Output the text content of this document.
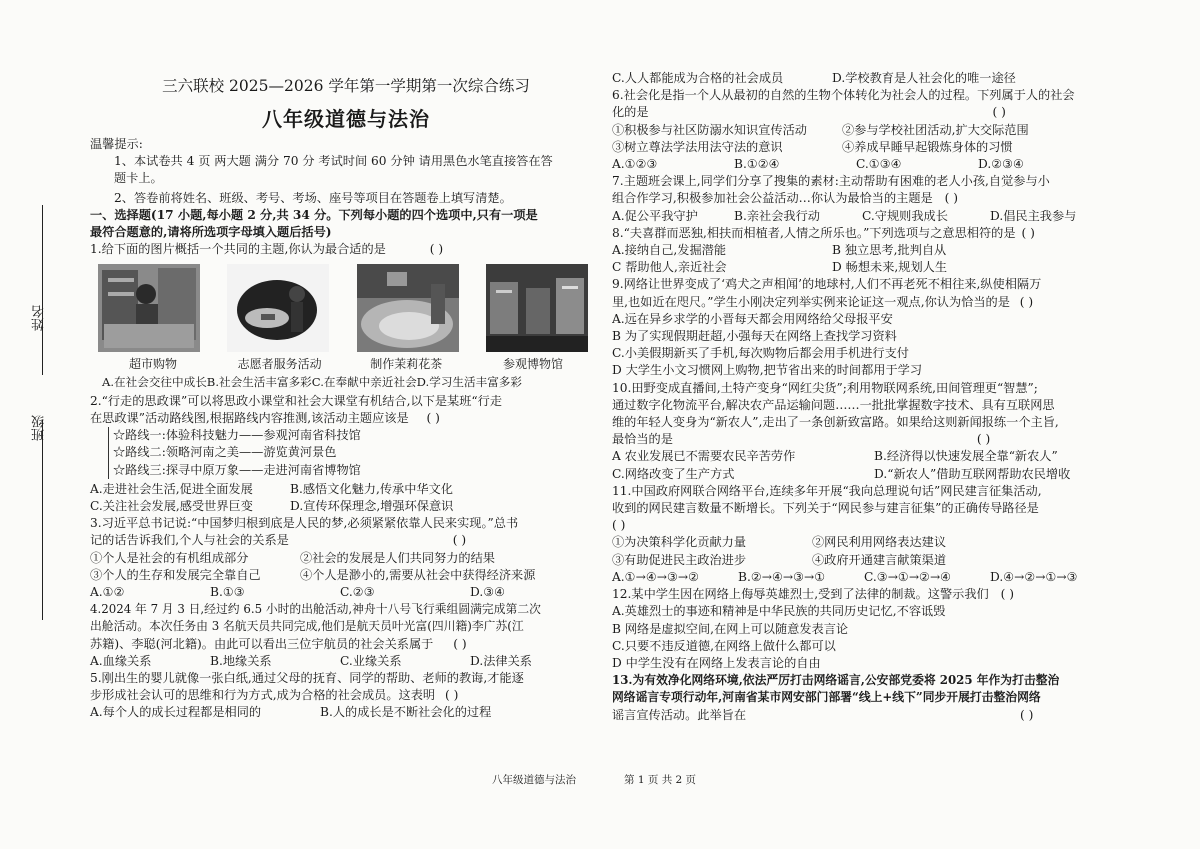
姓名
班级
三六联校 2025—2026 学年第一学期第一次综合练习
八年级道德与法治
温馨提示:
1、本试卷共 4 页 两大题 满分 70 分 考试时间 60 分钟 请用黑色水笔直接答在答
题卡上。
2、答卷前将姓名、班级、考号、考场、座号等项目在答题卷上填写清楚。
一、选择题(17 小题,每小题 2 分,共 34 分。下列每小题的四个选项中,只有一项是
最符合题意的,请将所选项字母填入题后括号)
1.给下面的图片概括一个共同的主题,你认为最合适的是	( )
超市购物	志愿者服务活动	制作茉莉花茶	参观博物馆
A.在社会交往中成长B.社会生活丰富多彩C.在奉献中亲近社会D.学习生活丰富多彩
2.“行走的思政课”可以将思政小课堂和社会大课堂有机结合,以下是某班“行走
在思政课”活动路线图,根据路线内容推测,该活动主题应该是 ( )
☆路线一:体验科技魅力——参观河南省科技馆
☆路线二:领略河南之美——游览黄河景色
☆路线三:探寻中原万象——走进河南省博物馆
A.走进社会生活,促进全面发展	B.感悟文化魅力,传承中华文化
C.关注社会发展,感受世界巨变	D.宣传环保理念,增强环保意识
3.习近平总书记说:“中国梦归根到底是人民的梦,必须紧紧依靠人民来实现。”总书
记的话告诉我们,个人与社会的关系是	( )
①个人是社会的有机组成部分	②社会的发展是人们共同努力的结果
③个人的生存和发展完全靠自己	④个人是渺小的,需要从社会中获得经济来源
A.①②	B.①③	C.②③	D.③④
4.2024 年 7 月 3 日,经过约 6.5 小时的出舱活动,神舟十八号飞行乘组圆满完成第二次
出舱活动。本次任务由 3 名航天员共同完成,他们是航天员叶光富(四川籍)李广苏(江
苏籍)、李聪(河北籍)。由此可以看出三位宇航员的社会关系属于 ( )
A.血缘关系	B.地缘关系	C.业缘关系	D.法律关系
5.刚出生的婴儿就像一张白纸,通过父母的抚育、同学的帮助、老师的教诲,才能逐
步形成社会认可的思维和行为方式,成为合格的社会成员。这表明 ( )
A.每个人的成长过程都是相同的	B.人的成长是不断社会化的过程
C.人人都能成为合格的社会成员	D.学校教育是人社会化的唯一途径
6.社会化是指一个人从最初的自然的生物个体转化为社会人的过程。下列属于人的社会
化的是	( )
①积极参与社区防溺水知识宣传活动	②参与学校社团活动,扩大交际范围
③树立尊法学法用法守法的意识	④养成早睡早起锻炼身体的习惯
A.①②③	B.①②④	C.①③④	D.②③④
7.主题班会课上,同学们分享了搜集的素材:主动帮助有困难的老人小孩,自觉参与小
组合作学习,积极参加社会公益活动…你认为最恰当的主题是 ( )
A.促公平我守护	B.亲社会我行动	C.守规则我成长	D.倡民主我参与
8.“夫喜群而恶独,相扶而相植者,人情之所乐也。”下列选项与之意思相符的是 ( )
A.接纳自己,发掘潜能	B 独立思考,批判自从
C 帮助他人,亲近社会	D 畅想未来,规划人生
9.网络让世界变成了‘鸡犬之声相闻’的地球村,人们不再老死不相往来,纵使相隔万
里,也如近在咫尺。”学生小刚决定列举实例来论证这一观点,你认为恰当的是 ( )
A.远在异乡求学的小晋每天都会用网络给父母报平安
B 为了实现假期赶超,小强每天在网络上查找学习资料
C.小美假期新买了手机,每次购物后都会用手机进行支付
D 大学生小文习惯网上购物,把节省出来的时间都用于学习
10.田野变成直播间,土特产变身“网红尖货”;利用物联网系统,田间管理更“智慧”;
通过数字化物流平台,解决农产品运输问题……一批批掌握数字技术、具有互联网思
维的年轻人变身为“新农人”,走出了一条创新致富路。如果给这则新闻报练一个主旨,
最恰当的是	( )
A 农业发展已不需要农民辛苦劳作	B.经济得以快速发展全靠“新农人”
C.网络改变了生产方式	D.“新农人”借助互联网帮助农民增收
11.中国政府网联合网络平台,连续多年开展“我向总理说句话”网民建言征集活动,
收到的网民建言数量不断增长。下列关于“网民参与建言征集”的正确传导路径是
( )
①为决策科学化贡献力量	②网民利用网络表达建议
③有助促进民主政治进步	④政府开通建言献策渠道
A.①→④→③→②	B.②→④→③→①	C.③→①→②→④	D.④→②→①→③
12.某中学生因在网络上侮辱英雄烈士,受到了法律的制裁。这警示我们 ( )
A.英雄烈士的事迹和精神是中华民族的共同历史记忆,不容诋毁
B 网络是虚拟空间,在网上可以随意发表言论
C.只要不违反道德,在网络上做什么都可以
D 中学生没有在网络上发表言论的自由
13.为有效净化网络环境,依法严厉打击网络谣言,公安部党委将 2025 年作为打击整治
网络谣言专项行动年,河南省某市网安部门部署“线上+线下”同步开展打击整治网络
谣言宣传活动。此举旨在	( )
八年级道德与法治	第 1 页 共 2 页
